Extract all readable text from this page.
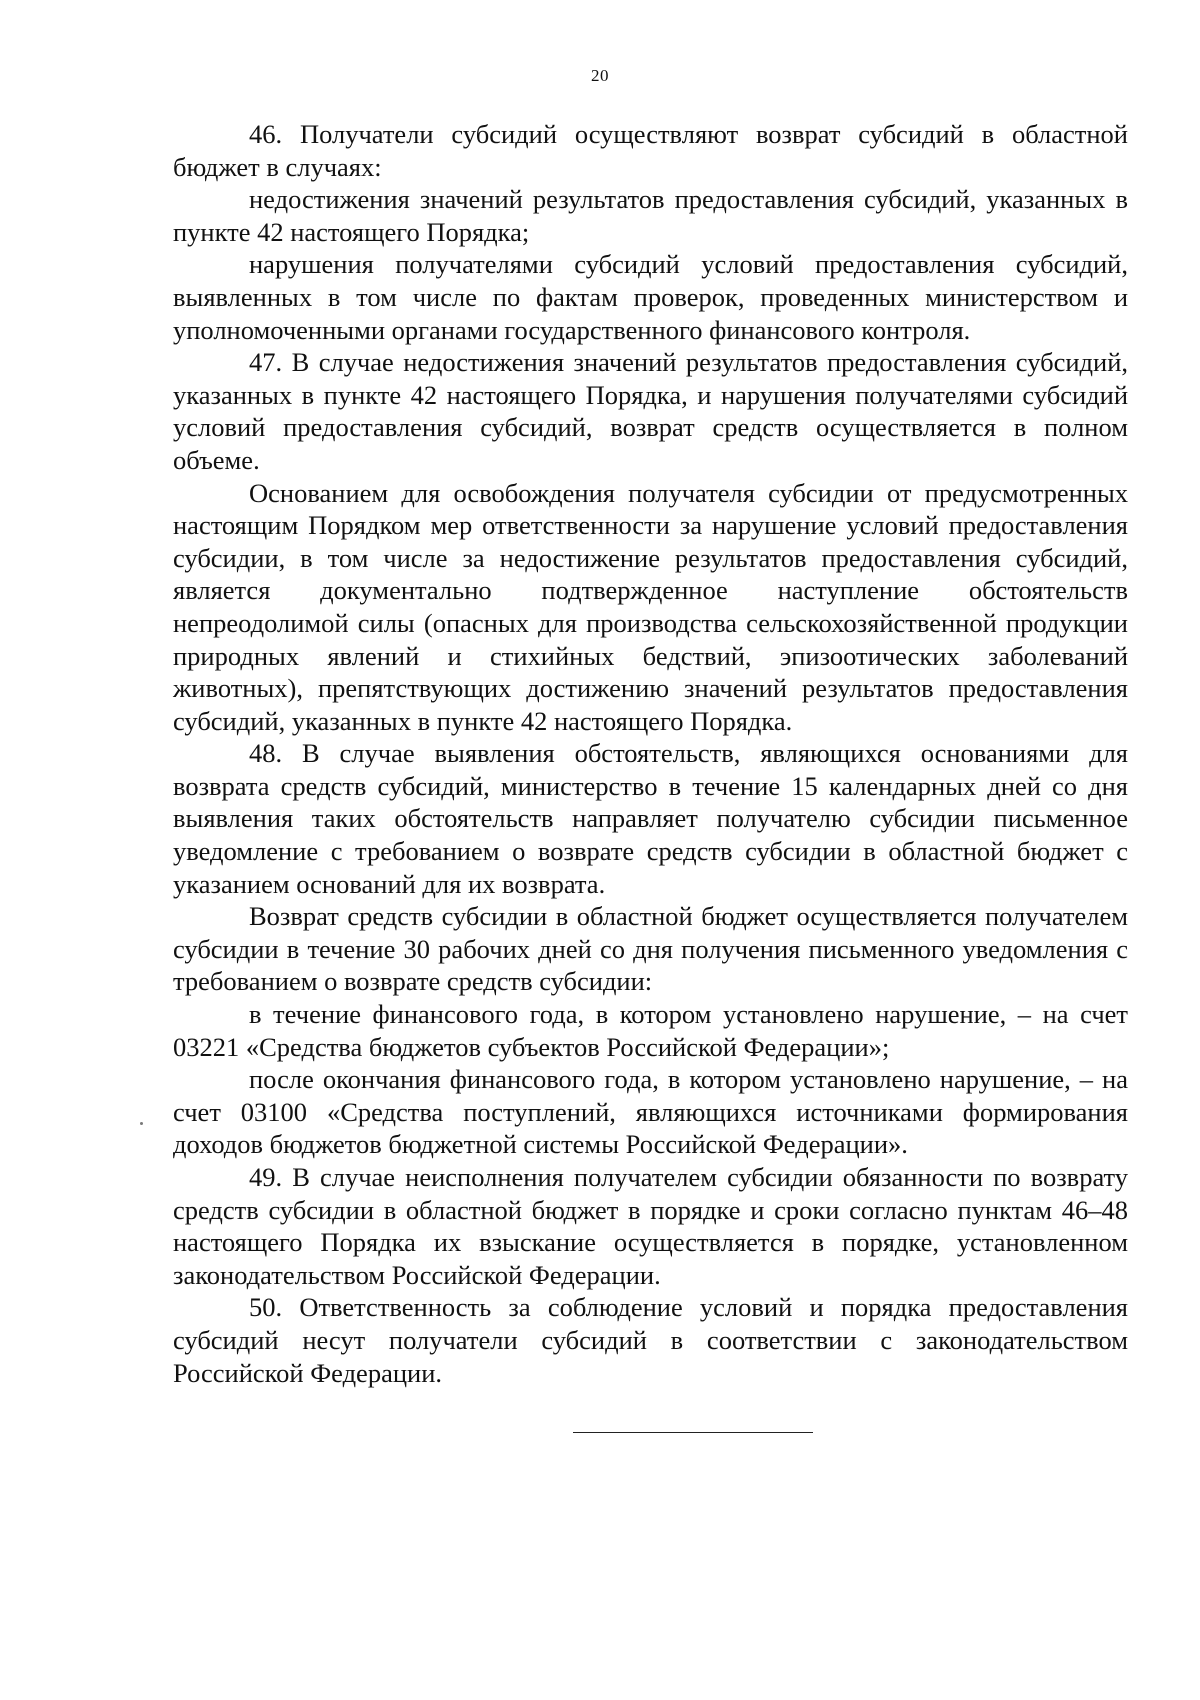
20

46. Получатели субсидий осуществляют возврат субсидий в областной бюджет в случаях:

недостижения значений результатов предоставления субсидий, указанных в пункте 42 настоящего Порядка;

нарушения получателями субсидий условий предоставления субсидий, выявленных в том числе по фактам проверок, проведенных министерством и уполномоченными органами государственного финансового контроля.

47. В случае недостижения значений результатов предоставления субсидий, указанных в пункте 42 настоящего Порядка, и нарушения получателями субсидий условий предоставления субсидий, возврат средств осуществляется в полном объеме.

Основанием для освобождения получателя субсидии от предусмотренных настоящим Порядком мер ответственности за нарушение условий предоставления субсидии, в том числе за недостижение результатов предоставления субсидий, является документально подтвержденное наступление обстоятельств непреодолимой силы (опасных для производства сельскохозяйственной продукции природных явлений и стихийных бедствий, эпизоотических заболеваний животных), препятствующих достижению значений результатов предоставления субсидий, указанных в пункте 42 настоящего Порядка.

48. В случае выявления обстоятельств, являющихся основаниями для возврата средств субсидий, министерство в течение 15 календарных дней со дня выявления таких обстоятельств направляет получателю субсидии письменное уведомление с требованием о возврате средств субсидии в областной бюджет с указанием оснований для их возврата.

Возврат средств субсидии в областной бюджет осуществляется получателем субсидии в течение 30 рабочих дней со дня получения письменного уведомления с требованием о возврате средств субсидии:

в течение финансового года, в котором установлено нарушение, – на счет 03221 «Средства бюджетов субъектов Российской Федерации»;

после окончания финансового года, в котором установлено нарушение, – на счет 03100 «Средства поступлений, являющихся источниками формирования доходов бюджетов бюджетной системы Российской Федерации».

49. В случае неисполнения получателем субсидии обязанности по возврату средств субсидии в областной бюджет в порядке и сроки согласно пунктам 46–48 настоящего Порядка их взыскание осуществляется в порядке, установленном законодательством Российской Федерации.

50. Ответственность за соблюдение условий и порядка предоставления субсидий несут получатели субсидий в соответствии с законодательством Российской Федерации.
